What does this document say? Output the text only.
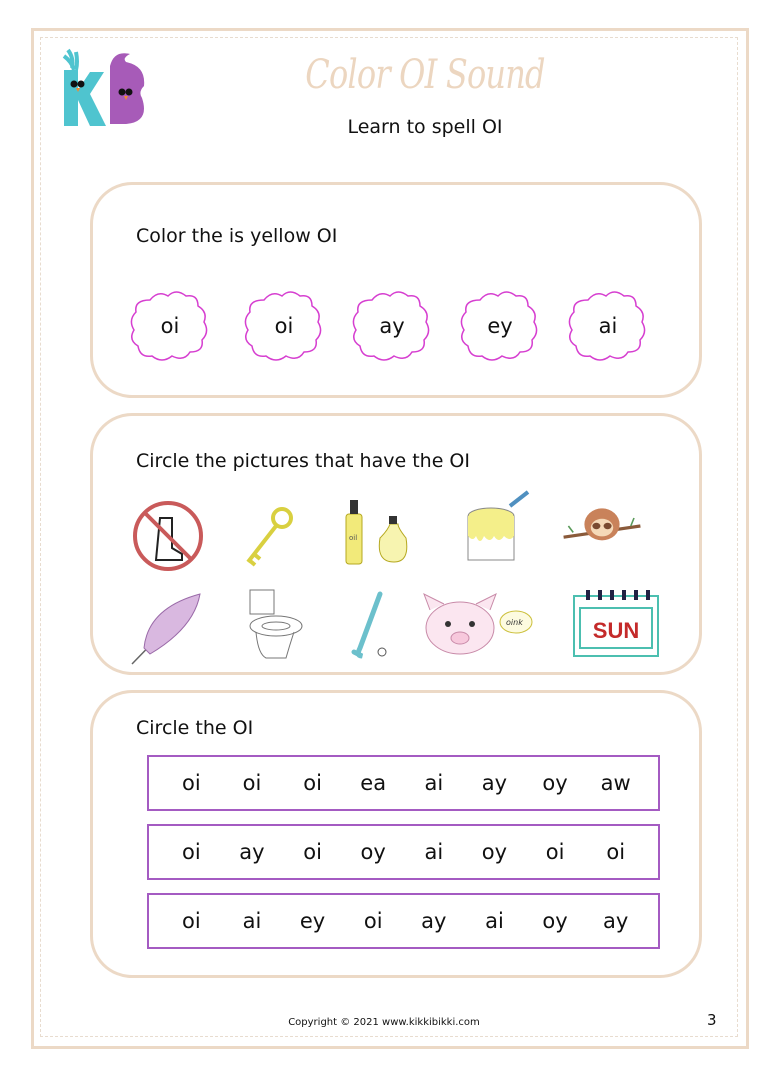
Color OI Sound
Learn to spell OI
Color the is yellow OI
oi	oi	ay	ey	ai
Circle the pictures that have the OI
oil
oink	SUN
Circle the OI
oi	oi	oi	ea	ai	ay	oy	aw
oi	ay	oi	oy	ai	oy	oi	oi
oi	ai	ey	oi	ay	ai	oy	ay
Copyright © 2021 www.kikkibikki.com	3
